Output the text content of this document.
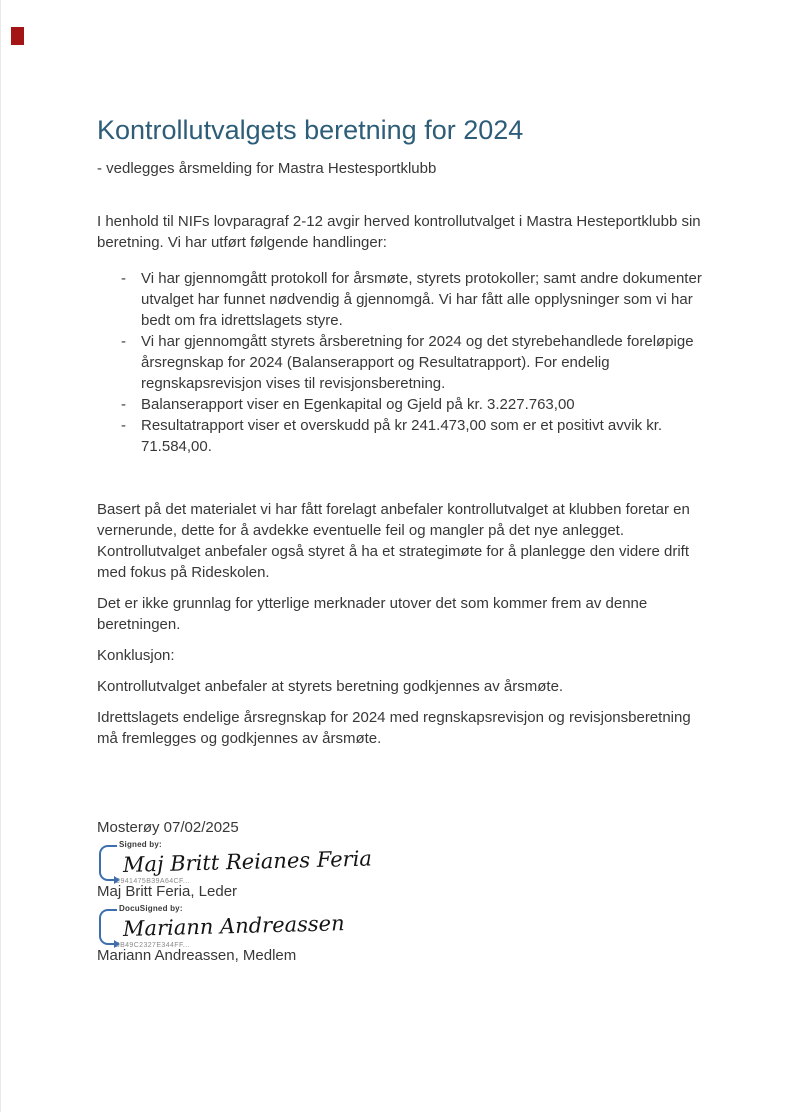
Kontrollutvalgets beretning for 2024
- vedlegges årsmelding for Mastra Hestesportklubb

I henhold til NIFs lovparagraf 2-12 avgir herved kontrollutvalget i Mastra Hesteportklubb sin beretning. Vi har utført følgende handlinger:

-	Vi har gjennomgått protokoll for årsmøte, styrets protokoller; samt andre dokumenter utvalget har funnet nødvendig å gjennomgå. Vi har fått alle opplysninger som vi har bedt om fra idrettslagets styre.
-	Vi har gjennomgått styrets årsberetning for 2024 og det styrebehandlede foreløpige årsregnskap for 2024 (Balanserapport og Resultatrapport). For endelig regnskapsrevisjon vises til revisjonsberetning.
-	Balanserapport viser en Egenkapital og Gjeld på kr. 3.227.763,00
-	Resultatrapport viser et overskudd på kr 241.473,00 som er et positivt avvik kr. 71.584,00.

Basert på det materialet vi har fått forelagt anbefaler kontrollutvalget at klubben foretar en vernerunde, dette for å avdekke eventuelle feil og mangler på det nye anlegget. Kontrollutvalget anbefaler også styret å ha et strategimøte for å planlegge den videre drift med fokus på Rideskolen.

Det er ikke grunnlag for ytterlige merknader utover det som kommer frem av denne beretningen.

Konklusjon:

Kontrollutvalget anbefaler at styrets beretning godkjennes av årsmøte.

Idrettslagets endelige årsregnskap for 2024 med regnskapsrevisjon og revisjonsberetning må fremlegges og godkjennes av årsmøte.

Mosterøy 07/02/2025
Signed by:
Maj Britt Reianes Feria
C941475B39A64CF...
Maj Britt Feria, Leder
DocuSigned by:
Mariann Andreassen
BB49C2327E344FF...
Mariann Andreassen, Medlem
